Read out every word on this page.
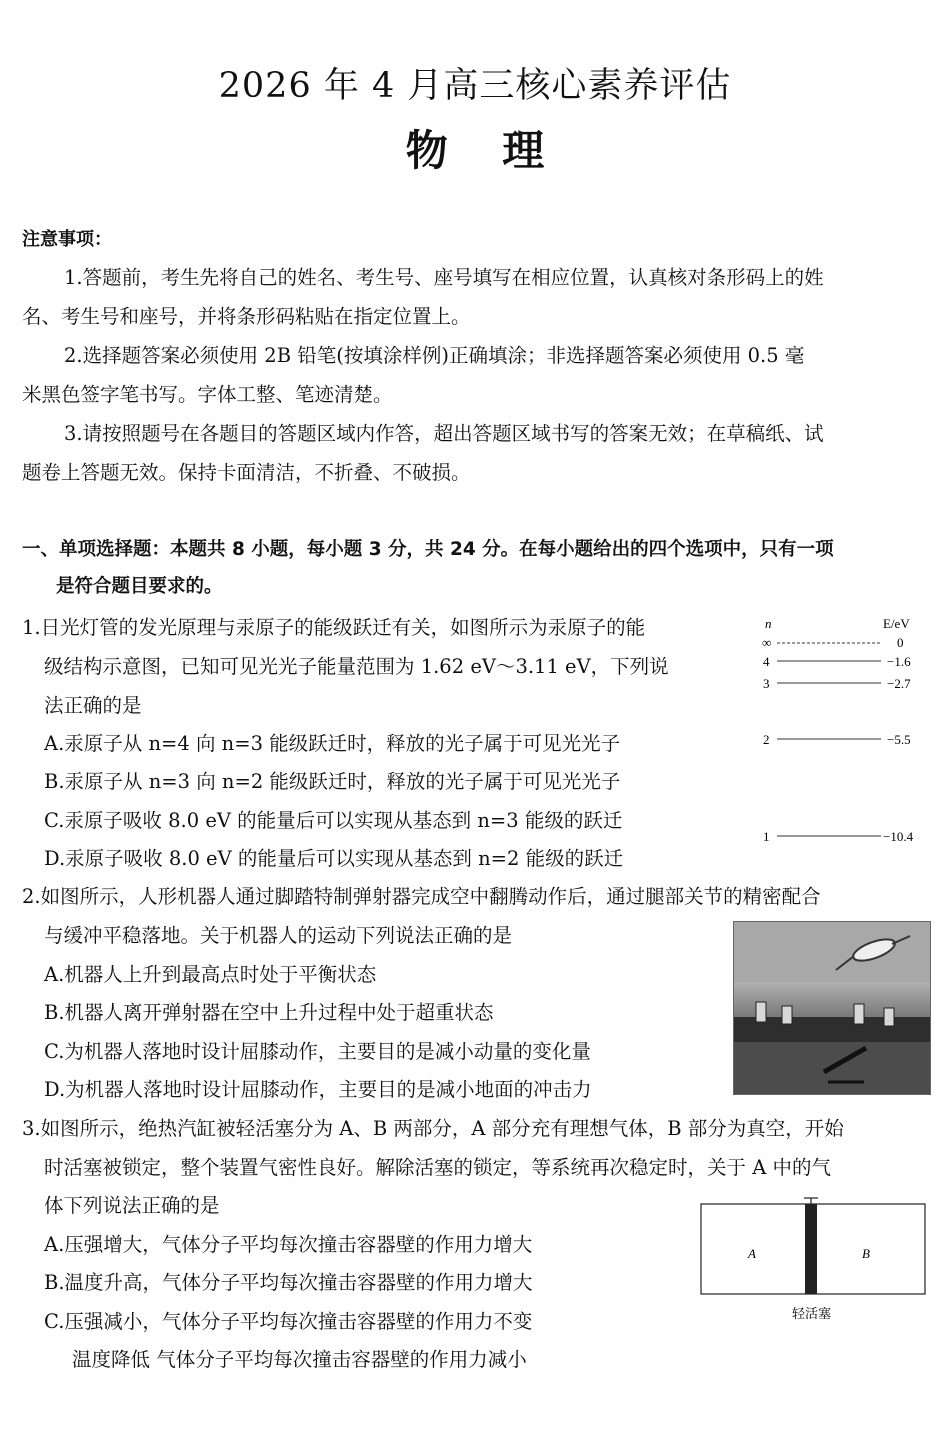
2026 年 4 月高三核心素养评估
物 理
注意事项：
1.答题前，考生先将自己的姓名、考生号、座号填写在相应位置，认真核对条形码上的姓
名、考生号和座号，并将条形码粘贴在指定位置上。
2.选择题答案必须使用 2B 铅笔(按填涂样例)正确填涂；非选择题答案必须使用 0.5 毫
米黑色签字笔书写。字体工整、笔迹清楚。
3.请按照题号在各题目的答题区域内作答，超出答题区域书写的答案无效；在草稿纸、试
题卷上答题无效。保持卡面清洁，不折叠、不破损。
一、单项选择题：本题共 8 小题，每小题 3 分，共 24 分。在每小题给出的四个选项中，只有一项
是符合题目要求的。
1.日光灯管的发光原理与汞原子的能级跃迁有关，如图所示为汞原子的能
级结构示意图，已知可见光光子能量范围为 1.62 eV～3.11 eV，下列说
法正确的是
A.汞原子从 n=4 向 n=3 能级跃迁时，释放的光子属于可见光光子
B.汞原子从 n=3 向 n=2 能级跃迁时，释放的光子属于可见光光子
C.汞原子吸收 8.0 eV 的能量后可以实现从基态到 n=3 能级的跃迁
D.汞原子吸收 8.0 eV 的能量后可以实现从基态到 n=2 能级的跃迁
n	E/eV
∞	0
4	−1.6
3	−2.7
2	−5.5
1	−10.4
2.如图所示，人形机器人通过脚踏特制弹射器完成空中翻腾动作后，通过腿部关节的精密配合
与缓冲平稳落地。关于机器人的运动下列说法正确的是
A.机器人上升到最高点时处于平衡状态
B.机器人离开弹射器在空中上升过程中处于超重状态
C.为机器人落地时设计屈膝动作，主要目的是减小动量的变化量
D.为机器人落地时设计屈膝动作，主要目的是减小地面的冲击力
3.如图所示，绝热汽缸被轻活塞分为 A、B 两部分，A 部分充有理想气体，B 部分为真空，开始
时活塞被锁定，整个装置气密性良好。解除活塞的锁定，等系统再次稳定时，关于 A 中的气
体下列说法正确的是
A.压强增大，气体分子平均每次撞击容器壁的作用力增大
B.温度升高，气体分子平均每次撞击容器壁的作用力增大
C.压强减小，气体分子平均每次撞击容器壁的作用力不变
温度降低 气体分子平均每次撞击容器壁的作用力减小
A	B
轻活塞
